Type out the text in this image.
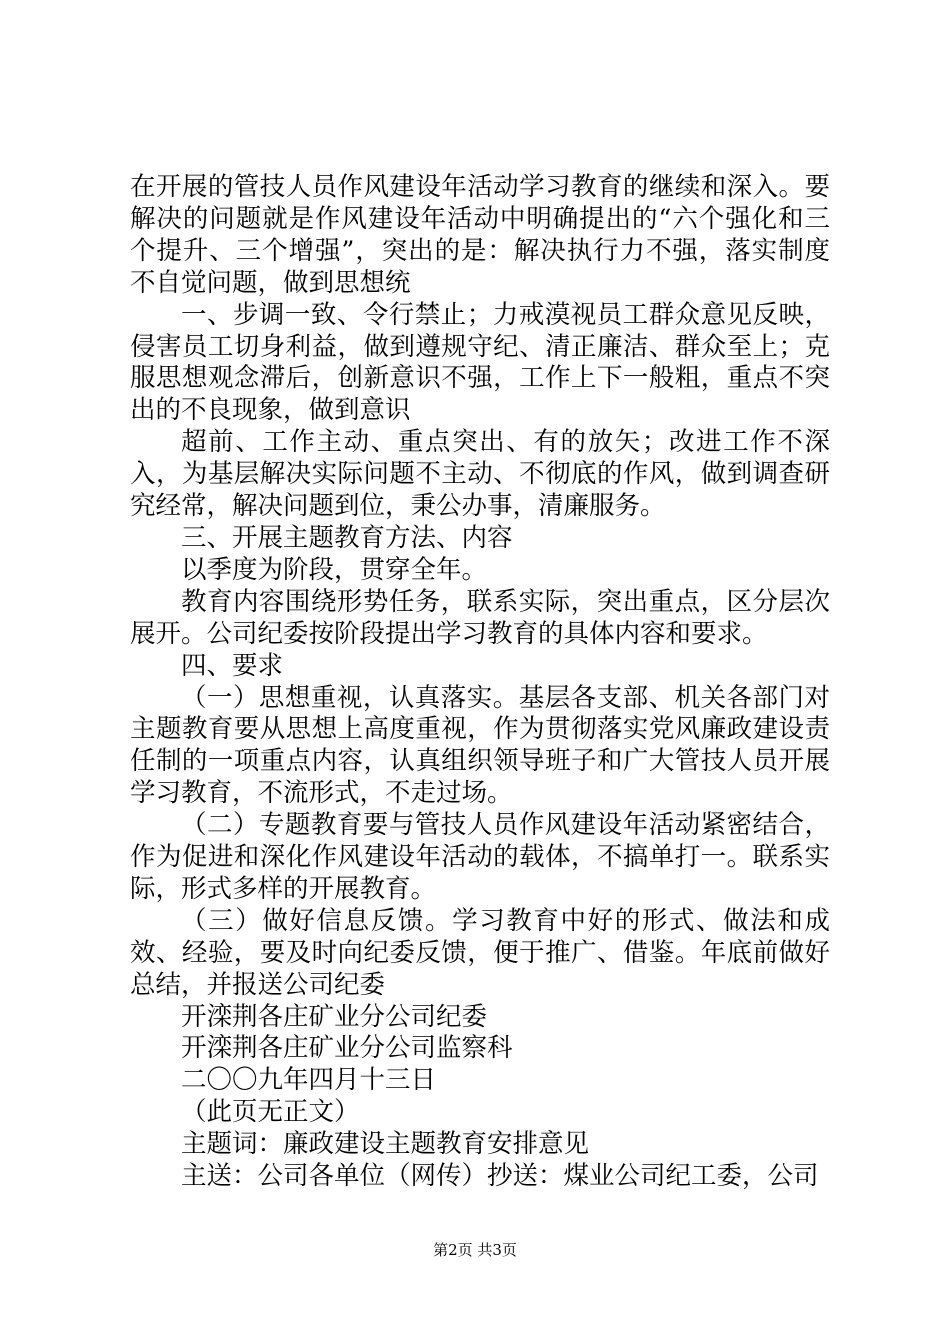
在开展的管技人员作风建设年活动学习教育的继续和深入。要解决的问题就是作风建设年活动中明确提出的“六个强化和三个提升、三个增强”，突出的是：解决执行力不强，落实制度不自觉问题，做到思想统

一、步调一致、令行禁止；力戒漠视员工群众意见反映，侵害员工切身利益，做到遵规守纪、清正廉洁、群众至上；克服思想观念滞后，创新意识不强，工作上下一般粗，重点不突出的不良现象，做到意识

超前、工作主动、重点突出、有的放矢；改进工作不深入，为基层解决实际问题不主动、不彻底的作风，做到调查研究经常，解决问题到位，秉公办事，清廉服务。

三、开展主题教育方法、内容

以季度为阶段，贯穿全年。

教育内容围绕形势任务，联系实际，突出重点，区分层次展开。公司纪委按阶段提出学习教育的具体内容和要求。

四、要求

（一）思想重视，认真落实。基层各支部、机关各部门对主题教育要从思想上高度重视，作为贯彻落实党风廉政建设责任制的一项重点内容，认真组织领导班子和广大管技人员开展学习教育，不流形式，不走过场。

（二）专题教育要与管技人员作风建设年活动紧密结合，作为促进和深化作风建设年活动的载体，不搞单打一。联系实际，形式多样的开展教育。

（三）做好信息反馈。学习教育中好的形式、做法和成效、经验，要及时向纪委反馈，便于推广、借鉴。年底前做好总结，并报送公司纪委

开滦荆各庄矿业分公司纪委

开滦荆各庄矿业分公司监察科

二〇〇九年四月十三日

（此页无正文）

主题词：廉政建设主题教育安排意见

主送：公司各单位（网传）抄送：煤业公司纪工委，公司

第2页 共3页
